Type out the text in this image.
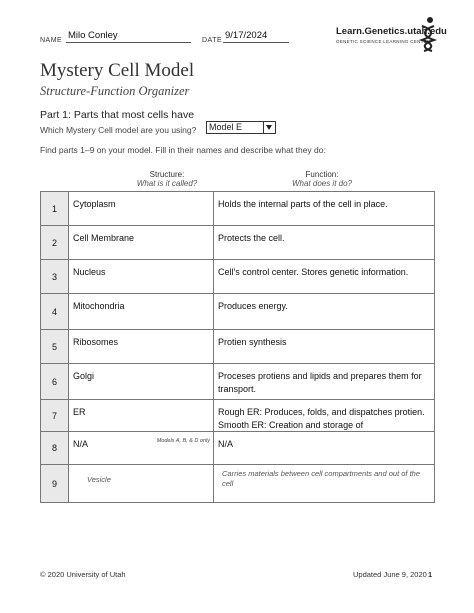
NAME Milo Conley	DATE 9/17/2024	Learn.Genetics.utah.edu
GENETIC SCIENCE LEARNING CENTER
Mystery Cell Model
Structure-Function Organizer
Part 1: Parts that most cells have
Which Mystery Cell model are you using?	Model E
Find parts 1–9 on your model. Fill in their names and describe what they do:
Structure:
What is it called?
Function:
What does it do?
1	Cytoplasm	Holds the internal parts of the cell in place.

2	Cell Membrane	Protects the cell.

3	Nucleus	Cell's control center. Stores genetic information.

4	Mitochondria	Produces energy.

5	Ribosomes	Protien synthesis

6	Golgi	Proceses protiens and lipids and prepares them for transport.

7	ER	Rough ER: Produces, folds, and dispatches protien. Smooth ER: Creation and storage of

8	N/A Models A, B, & D only	N/A

9	Vesicle	Carries materials between cell compartments and out of the cell
© 2020 University of Utah	Updated June 9, 2020 1
